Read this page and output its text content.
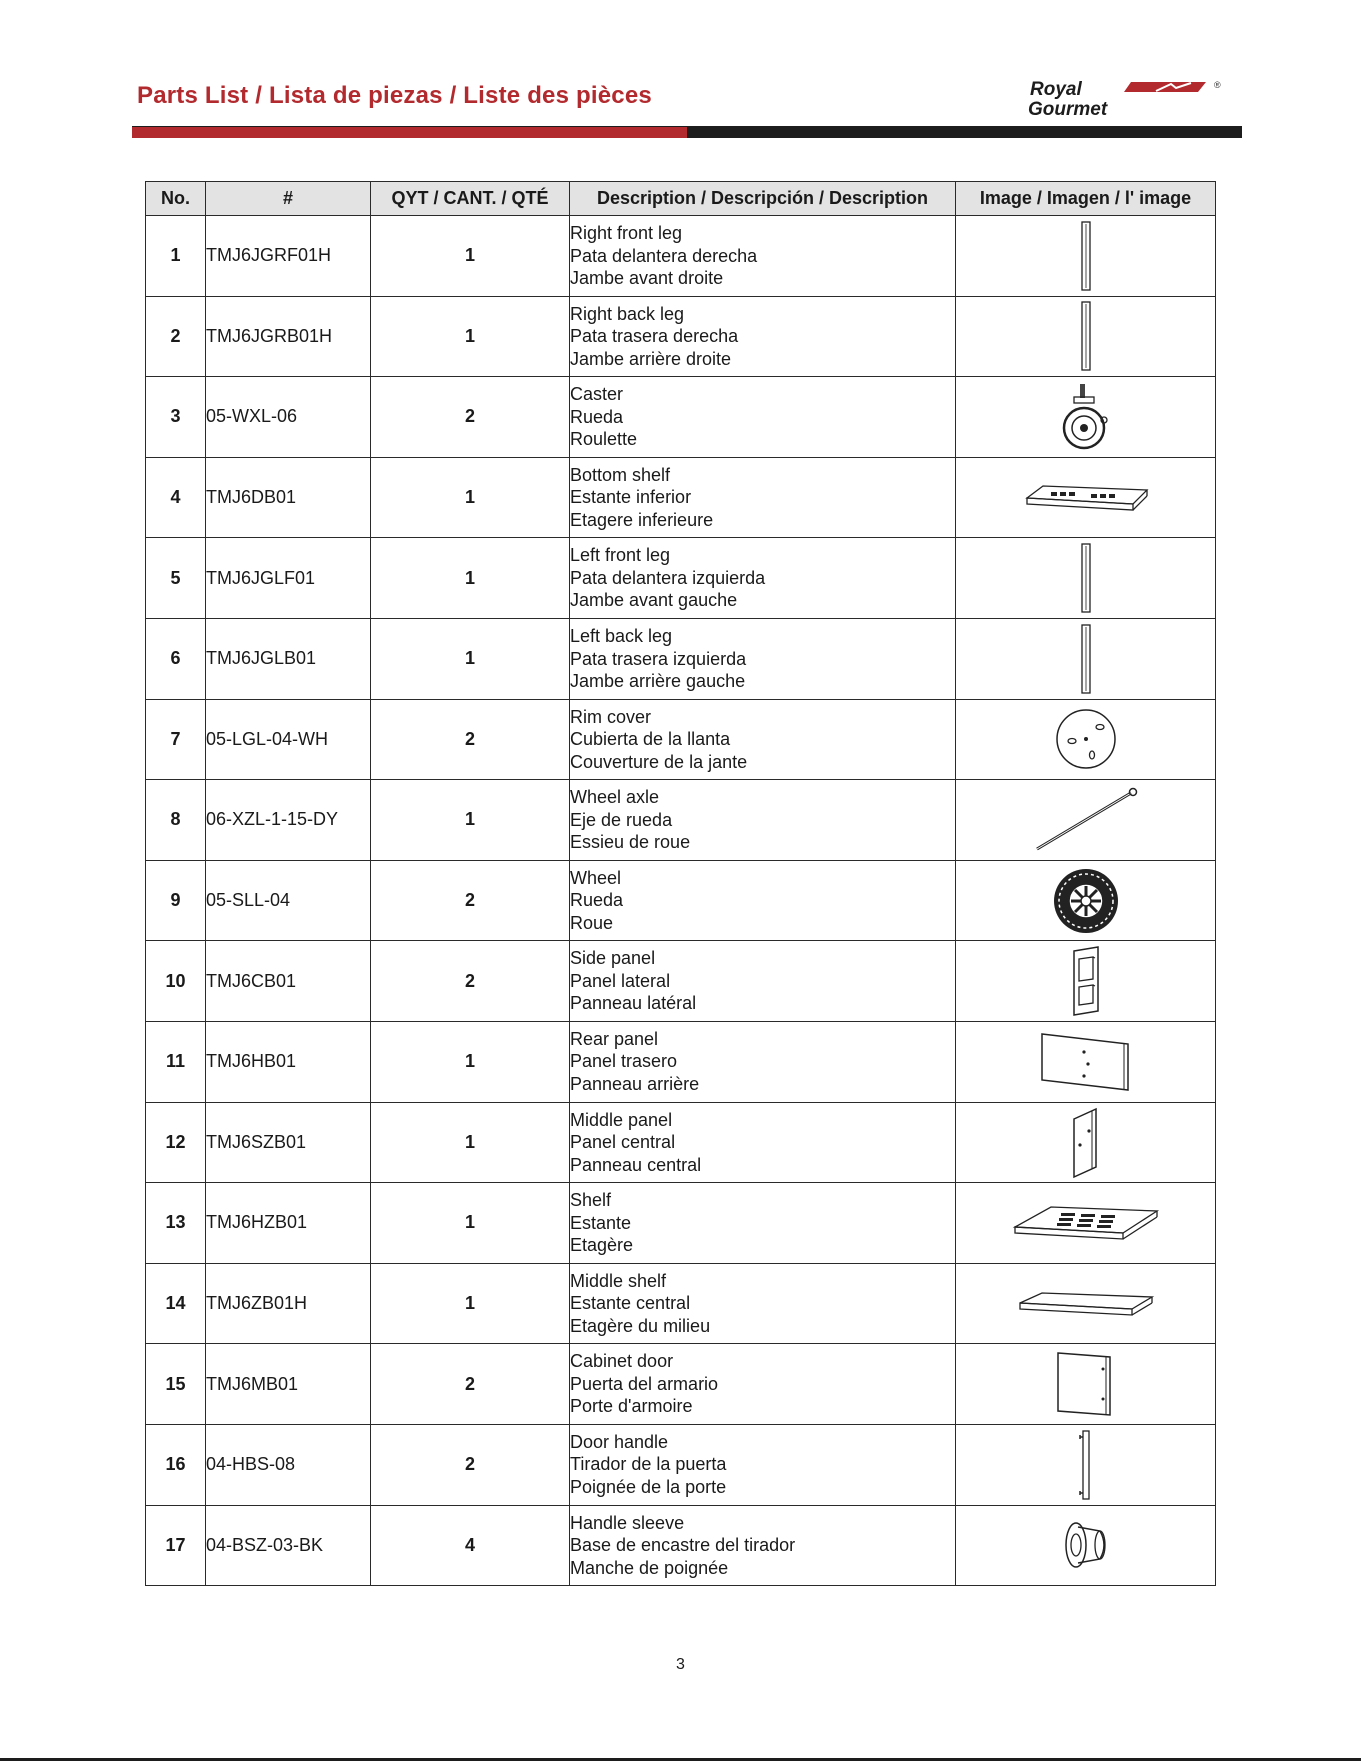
Parts List / Lista de piezas / Liste des pièces	Royal
Gourmet
®
No.	#	QYT / CANT. / QTÉ	Description / Descripción / Description	Image / Imagen / l' image
1	TMJ6JGRF01H	1	Right front leg
Pata delantera derecha
Jambe avant droite

2	TMJ6JGRB01H	1	Right back leg
Pata trasera derecha
Jambe arrière droite

3	05-WXL-06	2	Caster
Rueda
Roulette

4	TMJ6DB01	1	Bottom shelf
Estante inferior
Etagere inferieure

5	TMJ6JGLF01	1	Left front leg
Pata delantera izquierda
Jambe avant gauche

6	TMJ6JGLB01	1	Left back leg
Pata trasera izquierda
Jambe arrière gauche

7	05-LGL-04-WH	2	Rim cover
Cubierta de la llanta
Couverture de la jante

8	06-XZL-1-15-DY	1	Wheel axle
Eje de rueda
Essieu de roue

9	05-SLL-04	2	Wheel
Rueda
Roue

10	TMJ6CB01	2	Side panel
Panel lateral
Panneau latéral

11	TMJ6HB01	1	Rear panel
Panel trasero
Panneau arrière

12	TMJ6SZB01	1	Middle panel
Panel central
Panneau central

13	TMJ6HZB01	1	Shelf
Estante
Etagère

14	TMJ6ZB01H	1	Middle shelf
Estante central
Etagère du milieu

15	TMJ6MB01	2	Cabinet door
Puerta del armario
Porte d'armoire

16	04-HBS-08	2	Door handle
Tirador de la puerta
Poignée de la porte

17	04-BSZ-03-BK	4	Handle sleeve
Base de encastre del tirador
Manche de poignée

3
